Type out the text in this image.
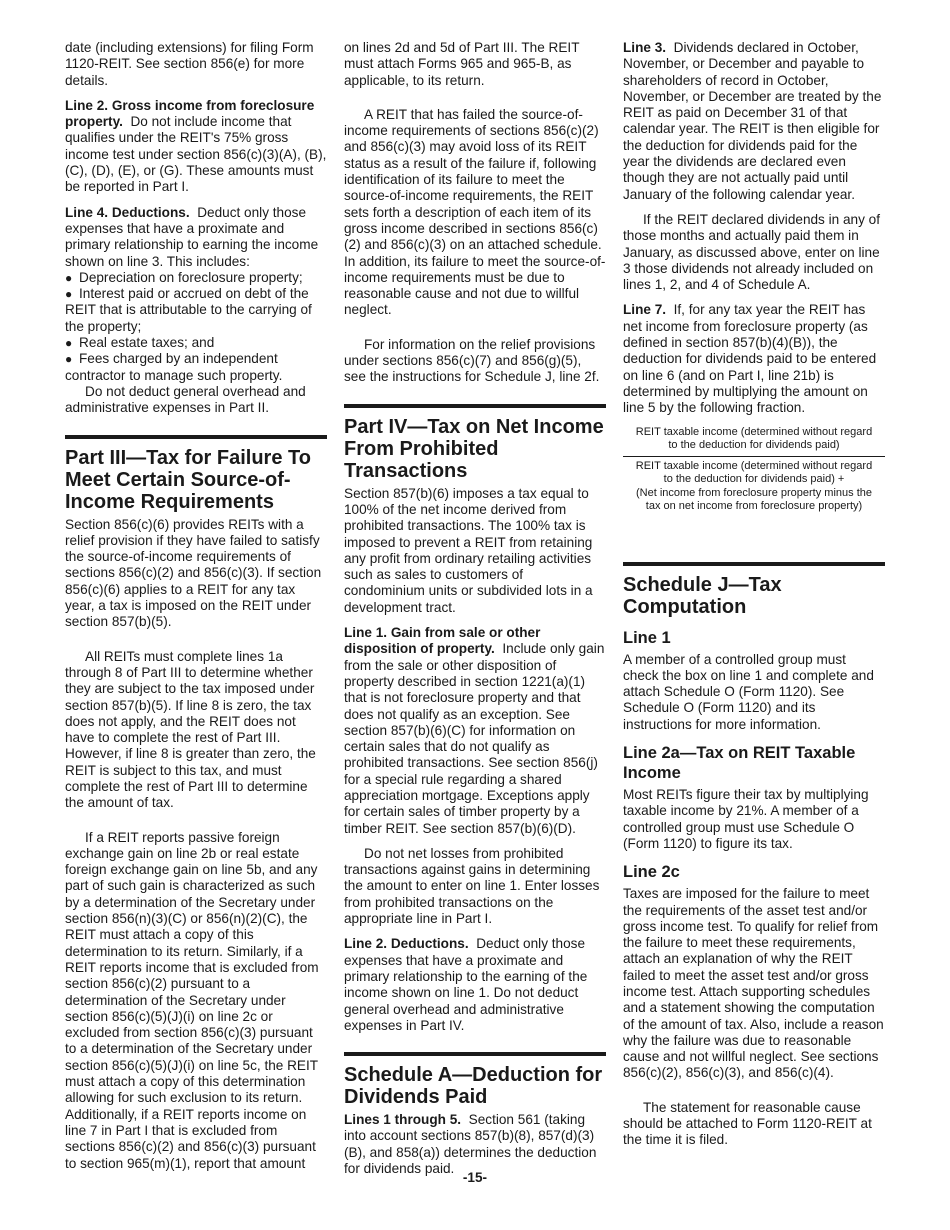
date (including extensions) for filing Form 1120-REIT. See section 856(e) for more details.

Line 2. Gross income from foreclosure property. Do not include income that qualifies under the REIT's 75% gross income test under section 856(c)(3)(A), (B), (C), (D), (E), or (G). These amounts must be reported in Part I.

Line 4. Deductions. Deduct only those expenses that have a proximate and primary relationship to earning the income shown on line 3. This includes:

● Depreciation on foreclosure property;
● Interest paid or accrued on debt of the REIT that is attributable to the carrying of the property;
● Real estate taxes; and
● Fees charged by an independent contractor to manage such property.

Do not deduct general overhead and administrative expenses in Part II.

Part III—Tax for Failure To Meet Certain Source-of-Income Requirements

Section 856(c)(6) provides REITs with a relief provision if they have failed to satisfy the source-of-income requirements of sections 856(c)(2) and 856(c)(3). If section 856(c)(6) applies to a REIT for any tax year, a tax is imposed on the REIT under section 857(b)(5).

All REITs must complete lines 1a through 8 of Part III to determine whether they are subject to the tax imposed under section 857(b)(5). If line 8 is zero, the tax does not apply, and the REIT does not have to complete the rest of Part III. However, if line 8 is greater than zero, the REIT is subject to this tax, and must complete the rest of Part III to determine the amount of tax.

If a REIT reports passive foreign exchange gain on line 2b or real estate foreign exchange gain on line 5b, and any part of such gain is characterized as such by a determination of the Secretary under section 856(n)(3)(C) or 856(n)(2)(C), the REIT must attach a copy of this determination to its return. Similarly, if a REIT reports income that is excluded from section 856(c)(2) pursuant to a determination of the Secretary under section 856(c)(5)(J)(i) on line 2c or excluded from section 856(c)(3) pursuant to a determination of the Secretary under section 856(c)(5)(J)(i) on line 5c, the REIT must attach a copy of this determination allowing for such exclusion to its return. Additionally, if a REIT reports income on line 7 in Part I that is excluded from sections 856(c)(2) and 856(c)(3) pursuant to section 965(m)(1), report that amount

on lines 2d and 5d of Part III. The REIT must attach Forms 965 and 965-B, as applicable, to its return.

A REIT that has failed the source-of-income requirements of sections 856(c)(2) and 856(c)(3) may avoid loss of its REIT status as a result of the failure if, following identification of its failure to meet the source-of-income requirements, the REIT sets forth a description of each item of its gross income described in sections 856(c)(2) and 856(c)(3) on an attached schedule. In addition, its failure to meet the source-of-income requirements must be due to reasonable cause and not due to willful neglect.

For information on the relief provisions under sections 856(c)(7) and 856(g)(5), see the instructions for Schedule J, line 2f.

Part IV—Tax on Net Income From Prohibited Transactions

Section 857(b)(6) imposes a tax equal to 100% of the net income derived from prohibited transactions. The 100% tax is imposed to prevent a REIT from retaining any profit from ordinary retailing activities such as sales to customers of condominium units or subdivided lots in a development tract.

Line 1. Gain from sale or other disposition of property. Include only gain from the sale or other disposition of property described in section 1221(a)(1) that is not foreclosure property and that does not qualify as an exception. See section 857(b)(6)(C) for information on certain sales that do not qualify as prohibited transactions. See section 856(j) for a special rule regarding a shared appreciation mortgage. Exceptions apply for certain sales of timber property by a timber REIT. See section 857(b)(6)(D).

Do not net losses from prohibited transactions against gains in determining the amount to enter on line 1. Enter losses from prohibited transactions on the appropriate line in Part I.

Line 2. Deductions. Deduct only those expenses that have a proximate and primary relationship to the earning of the income shown on line 1. Do not deduct general overhead and administrative expenses in Part IV.

Schedule A—Deduction for Dividends Paid

Lines 1 through 5. Section 561 (taking into account sections 857(b)(8), 857(d)(3)(B), and 858(a)) determines the deduction for dividends paid.

Line 3. Dividends declared in October, November, or December and payable to shareholders of record in October, November, or December are treated by the REIT as paid on December 31 of that calendar year. The REIT is then eligible for the deduction for dividends paid for the year the dividends are declared even though they are not actually paid until January of the following calendar year.

If the REIT declared dividends in any of those months and actually paid them in January, as discussed above, enter on line 3 those dividends not already included on lines 1, 2, and 4 of Schedule A.

Line 7. If, for any tax year the REIT has net income from foreclosure property (as defined in section 857(b)(4)(B)), the deduction for dividends paid to be entered on line 6 (and on Part I, line 21b) is determined by multiplying the amount on line 5 by the following fraction.

REIT taxable income (determined without regard to the deduction for dividends paid)
REIT taxable income (determined without regard to the deduction for dividends paid) +
(Net income from foreclosure property minus the tax on net income from foreclosure property)
Schedule J—Tax Computation
Line 1

A member of a controlled group must check the box on line 1 and complete and attach Schedule O (Form 1120). See Schedule O (Form 1120) and its instructions for more information.

Line 2a—Tax on REIT Taxable Income

Most REITs figure their tax by multiplying taxable income by 21%. A member of a controlled group must use Schedule O (Form 1120) to figure its tax.

Line 2c

Taxes are imposed for the failure to meet the requirements of the asset test and/or gross income test. To qualify for relief from the failure to meet these requirements, attach an explanation of why the REIT failed to meet the asset test and/or gross income test. Attach supporting schedules and a statement showing the computation of the amount of tax. Also, include a reason why the failure was due to reasonable cause and not willful neglect. See sections 856(c)(2), 856(c)(3), and 856(c)(4).

The statement for reasonable cause should be attached to Form 1120-REIT at the time it is filed.

-15-
